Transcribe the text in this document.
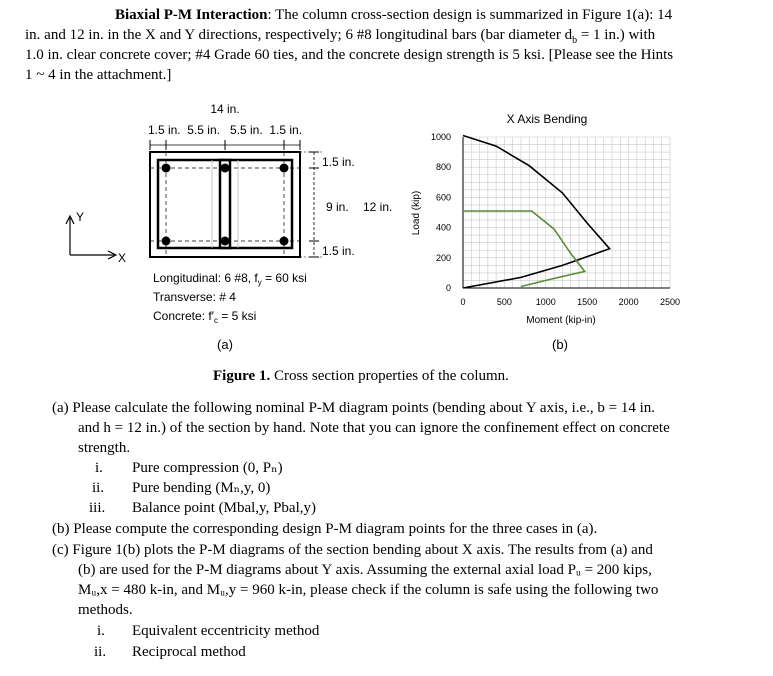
Biaxial P-M Interaction: The column cross-section design is summarized in Figure 1(a): 14
in. and 12 in. in the X and Y directions, respectively; 6 #8 longitudinal bars (bar diameter $d_b = 1$ in.) with
1.0 in. clear concrete cover; #4 Grade 60 ties, and the concrete design strength is 5 ksi. [Please see the Hints
1 ~ 4 in the attachment.]
14 in.
1.5 in.  5.5 in.   5.5 in.  1.5 in.
1.5 in.
9 in. 12 in.
1.5 in.
Y
X
Longitudinal: 6 #8, $f_y = 60$ ksi
Transverse: # 4
Concrete: $f'_c = 5$ ksi
(a)
0	500	1000 1500 2000 2500
0
200
400
600
800
1000
X Axis Bending
Moment (kip-in)
Load (kip)
(b)
Figure 1. Cross section properties of the column.
(a) Please calculate the following nominal P-M diagram points (bending about Y axis, i.e., b = 14 in.
and h = 12 in.) of the section by hand. Note that you can ignore the confinement effect on concrete
strength.
i. Pure compression (0, Pₙ)
ii. Pure bending (Mₙ,y, 0)
iii. Balance point (Mbal,y, Pbal,y)
(b) Please compute the corresponding design P-M diagram points for the three cases in (a).
(c) Figure 1(b) plots the P-M diagrams of the section bending about X axis. The results from (a) and
(b) are used for the P-M diagrams about Y axis. Assuming the external axial load Pᵤ = 200 kips,
Mᵤ,x = 480 k-in, and Mᵤ,y = 960 k-in, please check if the column is safe using the following two
methods.
i. Equivalent eccentricity method
ii. Reciprocal method
